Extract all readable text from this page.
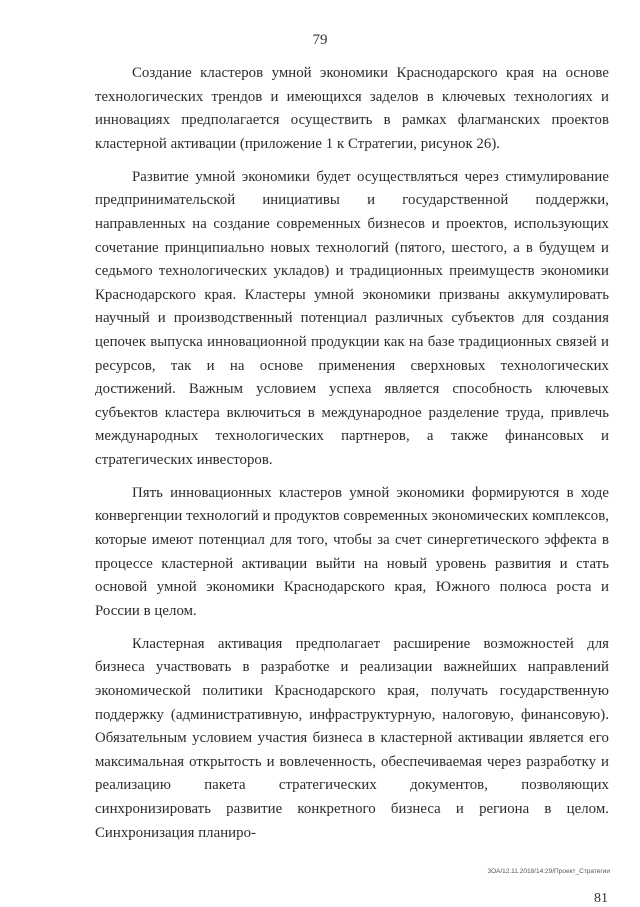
79

Создание кластеров умной экономики Краснодарского края на основе технологических трендов и имеющихся заделов в ключевых технологиях и инновациях предполагается осуществить в рамках флагманских проектов кластерной активации (приложение 1 к Стратегии, рисунок 26).

Развитие умной экономики будет осуществляться через стимулирование предпринимательской инициативы и государственной поддержки, направленных на создание современных бизнесов и проектов, использующих сочетание принципиально новых технологий (пятого, шестого, а в будущем и седьмого технологических укладов) и традиционных преимуществ экономики Краснодарского края. Кластеры умной экономики призваны аккумулировать научный и производственный потенциал различных субъектов для создания цепочек выпуска инновационной продукции как на базе традиционных связей и ресурсов, так и на основе применения сверхновых технологических достижений. Важным условием успеха является способность ключевых субъектов кластера включиться в международное разделение труда, привлечь международных технологических партнеров, а также финансовых и стратегических инвесторов.

Пять инновационных кластеров умной экономики формируются в ходе конвергенции технологий и продуктов современных экономических комплексов, которые имеют потенциал для того, чтобы за счет синергетического эффекта в процессе кластерной активации выйти на новый уровень развития и стать основой умной экономики Краснодарского края, Южного полюса роста и России в целом.

Кластерная активация предполагает расширение возможностей для бизнеса участвовать в разработке и реализации важнейших направлений экономической политики Краснодарского края, получать государственную поддержку (административную, инфраструктурную, налоговую, финансовую). Обязательным условием участия бизнеса в кластерной активации является его максимальная открытость и вовлеченность, обеспечиваемая через разработку и реализацию пакета стратегических документов, позволяющих синхронизировать развитие конкретного бизнеса и региона в целом. Синхронизация планиро-

3ОА/12.11.2018/14:29/Проект_Стратегии
81
